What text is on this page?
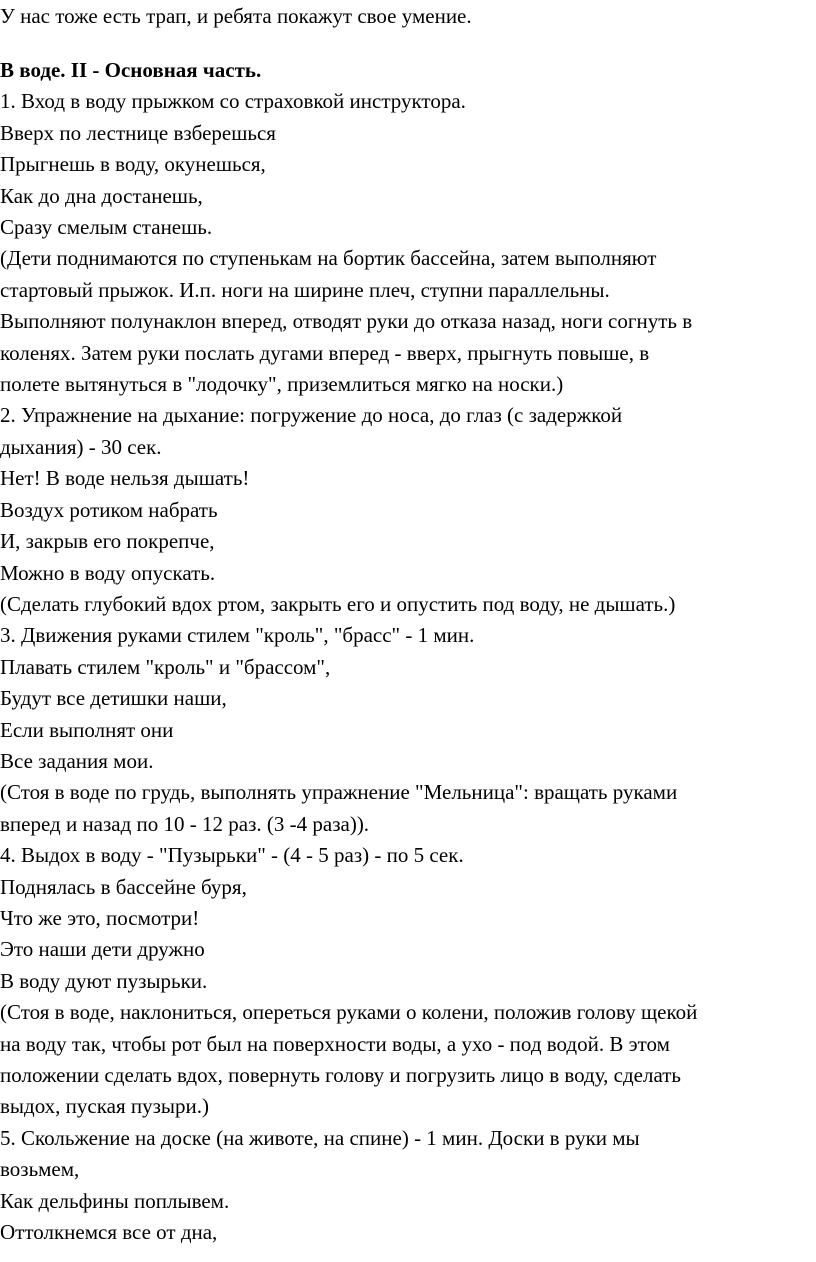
У нас тоже есть трап, и ребята покажут свое умение.

В воде. II - Основная часть.

1. Вход в воду прыжком со страховкой инструктора.

Вверх по лестнице взберешься

Прыгнешь в воду, окунешься,

Как до дна достанешь,

Сразу смелым станешь.

(Дети поднимаются по ступенькам на бортик бассейна, затем выполняют

стартовый прыжок. И.п. ноги на ширине плеч, ступни параллельны.

Выполняют полунаклон вперед, отводят руки до отказа назад, ноги согнуть в

коленях. Затем руки послать дугами вперед - вверх, прыгнуть повыше, в

полете вытянуться в "лодочку", приземлиться мягко на носки.)

2. Упражнение на дыхание: погружение до носа, до глаз (с задержкой

дыхания) - 30 сек.

Нет! В воде нельзя дышать!

Воздух ротиком набрать

И, закрыв его покрепче,

Можно в воду опускать.

(Сделать глубокий вдох ртом, закрыть его и опустить под воду, не дышать.)

3. Движения руками стилем "кроль", "брасс" - 1 мин.

Плавать стилем "кроль" и "брассом",

Будут все детишки наши,

Если выполнят они

Все задания мои.

(Стоя в воде по грудь, выполнять упражнение "Мельница": вращать руками

вперед и назад по 10 - 12 раз. (3 -4 раза)).

4. Выдох в воду - "Пузырьки" - (4 - 5 раз) - по 5 сек.

Поднялась в бассейне буря,

Что же это, посмотри!

Это наши дети дружно

В воду дуют пузырьки.

(Стоя в воде, наклониться, опереться руками о колени, положив голову щекой

на воду так, чтобы рот был на поверхности воды, а ухо - под водой. В этом

положении сделать вдох, повернуть голову и погрузить лицо в воду, сделать

выдох, пуская пузыри.)

5. Скольжение на доске (на животе, на спине) - 1 мин. Доски в руки мы

возьмем,

Как дельфины поплывем.

Оттолкнемся все от дна,
